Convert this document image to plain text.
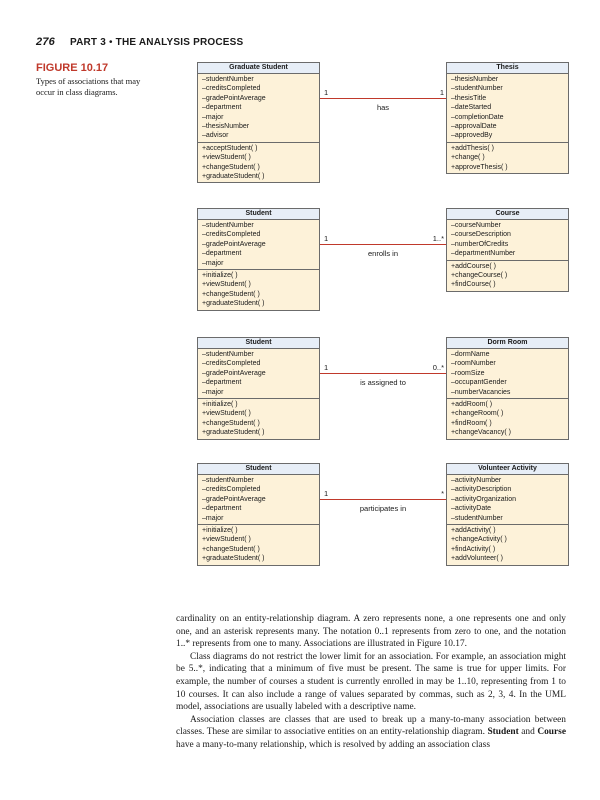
276 PART 3 • THE ANALYSIS PROCESS
FIGURE 10.17
Types of associations that may occur in class diagrams.
Graduate Student
–studentNumber
–creditsCompleted
–gradePointAverage
–department
–major
–thesisNumber
–advisor
+acceptStudent( )
+viewStudent( )
+changeStudent( )
+graduateStudent( )
Thesis
–thesisNumber
–studentNumber
–thesisTitle
–dateStarted
–completionDate
–approvalDate
–approvedBy
+addThesis( )
+change( )
+approveThesis( )
1	1
has
Student
–studentNumber
–creditsCompleted
–gradePointAverage
–department
–major
+initialize( )
+viewStudent( )
+changeStudent( )
+graduateStudent( )
Course
–courseNumber
–courseDescription
–numberOfCredits
–departmentNumber
+addCourse( )
+changeCourse( )
+findCourse( )
1	1..*
enrolls in
Student
–studentNumber
–creditsCompleted
–gradePointAverage
–department
–major
+initialize( )
+viewStudent( )
+changeStudent( )
+graduateStudent( )
Dorm Room
–dormName
–roomNumber
–roomSize
–occupantGender
–numberVacancies
+addRoom( )
+changeRoom( )
+findRoom( )
+changeVacancy( )
1	0..*
is assigned to
Student
–studentNumber
–creditsCompleted
–gradePointAverage
–department
–major
+initialize( )
+viewStudent( )
+changeStudent( )
+graduateStudent( )
Volunteer Activity
–activityNumber
–activityDescription
–activityOrganization
–activityDate
–studentNumber
+addActivity( )
+changeActivity( )
+findActivity( )
+addVolunteer( )
1	*
participates in

cardinality on an entity-relationship diagram. A zero represents none, a one represents one and only one, and an asterisk represents many. The notation 0..1 represents from zero to one, and the notation 1..* represents from one to many. Associations are illustrated in Figure 10.17.

Class diagrams do not restrict the lower limit for an association. For example, an association might be 5..*, indicating that a minimum of five must be present. The same is true for upper limits. For example, the number of courses a student is currently enrolled in may be 1..10, representing from 1 to 10 courses. It can also include a range of values separated by commas, such as 2, 3, 4. In the UML model, associations are usually labeled with a descriptive name.

Association classes are classes that are used to break up a many-to-many association between classes. These are similar to associative entities on an entity-relationship diagram. Student and Course have a many-to-many relationship, which is resolved by adding an association class
